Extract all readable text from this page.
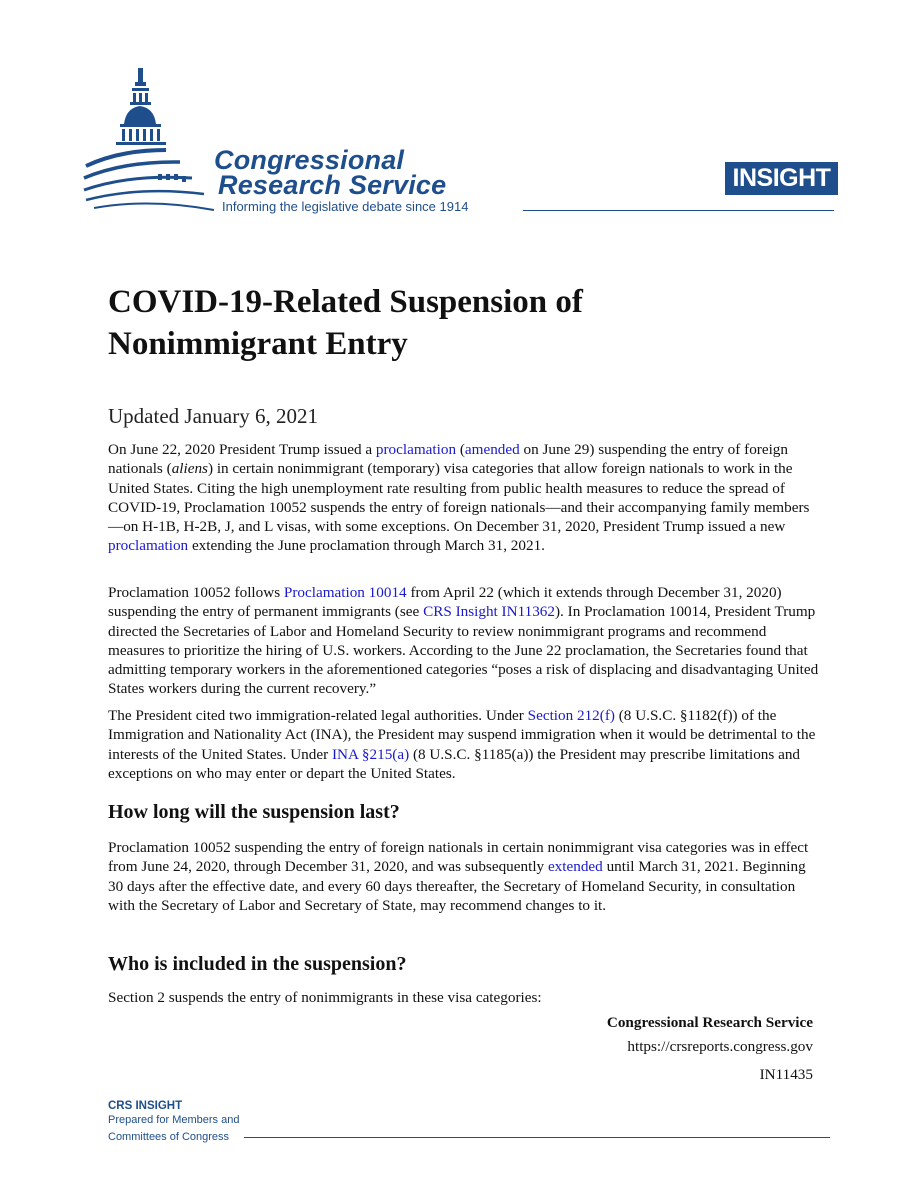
Congressional
Research Service
Informing the legislative debate since 1914
INSIGHT
COVID-19-Related Suspension of
Nonimmigrant Entry
Updated January 6, 2021

On June 22, 2020 President Trump issued a proclamation (amended on June 29) suspending the entry of foreign nationals (aliens) in certain nonimmigrant (temporary) visa categories that allow foreign nationals to work in the United States. Citing the high unemployment rate resulting from public health measures to reduce the spread of COVID-19, Proclamation 10052 suspends the entry of foreign nationals—and their accompanying family members—on H-1B, H-2B, J, and L visas, with some exceptions. On December 31, 2020, President Trump issued a new proclamation extending the June proclamation through March 31, 2021.

Proclamation 10052 follows Proclamation 10014 from April 22 (which it extends through December 31, 2020) suspending the entry of permanent immigrants (see CRS Insight IN11362). In Proclamation 10014, President Trump directed the Secretaries of Labor and Homeland Security to review nonimmigrant programs and recommend measures to prioritize the hiring of U.S. workers. According to the June 22 proclamation, the Secretaries found that admitting temporary workers in the aforementioned categories “poses a risk of displacing and disadvantaging United States workers during the current recovery.”

The President cited two immigration-related legal authorities. Under Section 212(f) (8 U.S.C. §1182(f)) of the Immigration and Nationality Act (INA), the President may suspend immigration when it would be detrimental to the interests of the United States. Under INA §215(a) (8 U.S.C. §1185(a)) the President may prescribe limitations and exceptions on who may enter or depart the United States.

How long will the suspension last?

Proclamation 10052 suspending the entry of foreign nationals in certain nonimmigrant visa categories was in effect from June 24, 2020, through December 31, 2020, and was subsequently extended until March 31, 2021. Beginning 30 days after the effective date, and every 60 days thereafter, the Secretary of Homeland Security, in consultation with the Secretary of Labor and Secretary of State, may recommend changes to it.

Who is included in the suspension?

Section 2 suspends the entry of nonimmigrants in these visa categories:

Congressional Research Service
https://crsreports.congress.gov
IN11435
CRS INSIGHT
Prepared for Members and
Committees of Congress
